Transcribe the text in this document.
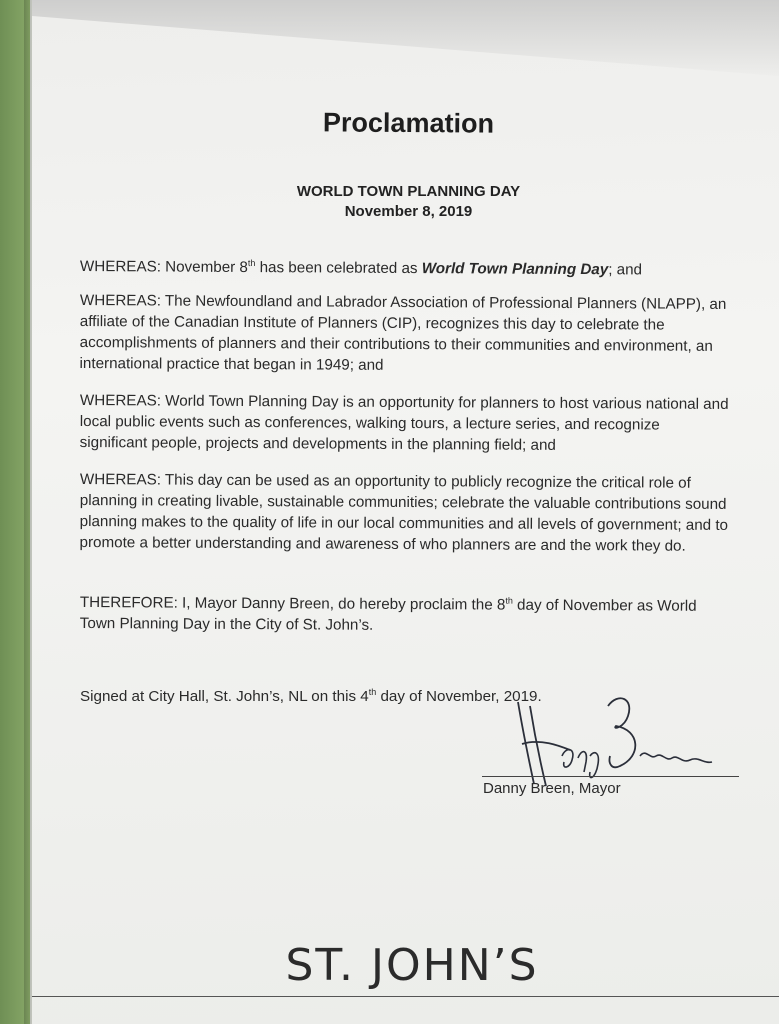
Proclamation
WORLD TOWN PLANNING DAY
November 8, 2019

WHEREAS: November 8th has been celebrated as World Town Planning Day; and

WHEREAS: The Newfoundland and Labrador Association of Professional Planners (NLAPP), an affiliate of the Canadian Institute of Planners (CIP), recognizes this day to celebrate the accomplishments of planners and their contributions to their communities and environment, an international practice that began in 1949; and

WHEREAS: World Town Planning Day is an opportunity for planners to host various national and local public events such as conferences, walking tours, a lecture series, and recognize significant people, projects and developments in the planning field; and

WHEREAS: This day can be used as an opportunity to publicly recognize the critical role of planning in creating livable, sustainable communities; celebrate the valuable contributions sound planning makes to the quality of life in our local communities and all levels of government; and to promote a better understanding and awareness of who planners are and the work they do.

THEREFORE: I, Mayor Danny Breen, do hereby proclaim the 8th day of November as World Town Planning Day in the City of St. John’s.

Signed at City Hall, St. John’s, NL on this 4th day of November, 2019.
Danny Breen, Mayor
ST. JOHN’S
